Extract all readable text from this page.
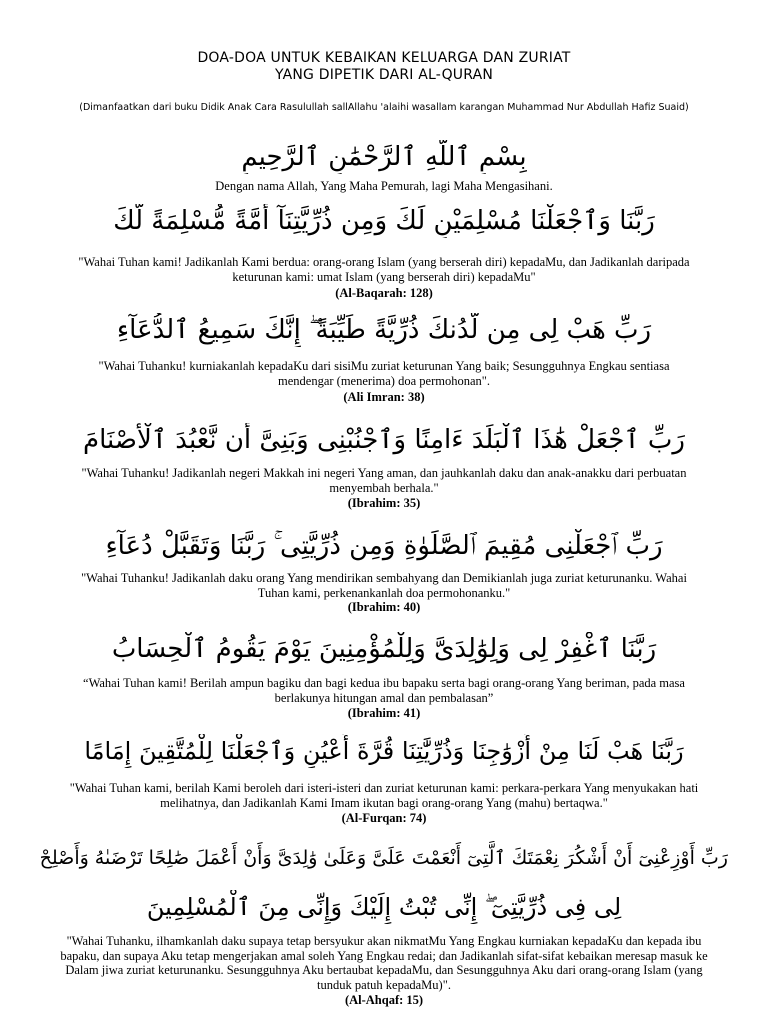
DOA-DOA UNTUK KEBAIKAN KELUARGA DAN ZURIAT
YANG DIPETIK DARI AL-QURAN
(Dimanfaatkan dari buku Didik Anak Cara Rasulullah sallAllahu 'alaihi wasallam karangan Muhammad Nur Abdullah Hafiz Suaid)
بِسْمِ ٱللَّهِ ٱلرَّحْمَٰنِ ٱلرَّحِيمِ
Dengan nama Allah, Yang Maha Pemurah, lagi Maha Mengasihani.
رَبَّنَا وَٱجْعَلْنَا مُسْلِمَيْنِ لَكَ وَمِن ذُرِّيَّتِنَآ أُمَّةً مُّسْلِمَةً لَّكَ
"Wahai Tuhan kami! Jadikanlah Kami berdua: orang-orang Islam (yang berserah diri) kepadaMu, dan Jadikanlah daripada keturunan kami: umat Islam (yang berserah diri) kepadaMu"
(Al-Baqarah: 128)
رَبِّ هَبْ لِى مِن لَّدُنكَ ذُرِّيَّةً طَيِّبَةً ۖ إِنَّكَ سَمِيعُ ٱلدُّعَآءِ
"Wahai Tuhanku! kurniakanlah kepadaKu dari sisiMu zuriat keturunan Yang baik; Sesungguhnya Engkau sentiasa mendengar (menerima) doa permohonan".
(Ali Imran: 38)
رَبِّ ٱجْعَلْ هَٰذَا ٱلْبَلَدَ ءَامِنًا وَٱجْنُبْنِى وَبَنِىَّ أَن نَّعْبُدَ ٱلْأَصْنَامَ
"Wahai Tuhanku! Jadikanlah negeri Makkah ini negeri Yang aman, dan jauhkanlah daku dan anak-anakku dari perbuatan menyembah berhala."
(Ibrahim: 35)
رَبِّ ٱجْعَلْنِى مُقِيمَ ٱلصَّلَوٰةِ وَمِن ذُرِّيَّتِى ۚ رَبَّنَا وَتَقَبَّلْ دُعَآءِ
"Wahai Tuhanku! Jadikanlah daku orang Yang mendirikan sembahyang dan Demikianlah juga zuriat keturunanku. Wahai Tuhan kami, perkenankanlah doa permohonanku."
(Ibrahim: 40)
رَبَّنَا ٱغْفِرْ لِى وَلِوَٰلِدَىَّ وَلِلْمُؤْمِنِينَ يَوْمَ يَقُومُ ٱلْحِسَابُ
“Wahai Tuhan kami! Berilah ampun bagiku dan bagi kedua ibu bapaku serta bagi orang-orang Yang beriman, pada masa berlakunya hitungan amal dan pembalasan”
(Ibrahim: 41)
رَبَّنَا هَبْ لَنَا مِنْ أَزْوَٰجِنَا وَذُرِّيَّٰتِنَا قُرَّةَ أَعْيُنٍ وَٱجْعَلْنَا لِلْمُتَّقِينَ إِمَامًا
"Wahai Tuhan kami, berilah Kami beroleh dari isteri-isteri dan zuriat keturunan kami: perkara-perkara Yang menyukakan hati melihatnya, dan Jadikanlah Kami Imam ikutan bagi orang-orang Yang (mahu) bertaqwa."
(Al-Furqan: 74)
رَبِّ أَوْزِعْنِىٓ أَنْ أَشْكُرَ نِعْمَتَكَ ٱلَّتِىٓ أَنْعَمْتَ عَلَىَّ وَعَلَىٰ وَٰلِدَىَّ وَأَنْ أَعْمَلَ صَٰلِحًا تَرْضَىٰهُ وَأَصْلِحْ
لِى فِى ذُرِّيَّتِىٓ ۖ إِنِّى تُبْتُ إِلَيْكَ وَإِنِّى مِنَ ٱلْمُسْلِمِينَ
"Wahai Tuhanku, ilhamkanlah daku supaya tetap bersyukur akan nikmatMu Yang Engkau kurniakan kepadaKu dan kepada ibu bapaku, dan supaya Aku tetap mengerjakan amal soleh Yang Engkau redai; dan Jadikanlah sifat-sifat kebaikan meresap masuk ke Dalam jiwa zuriat keturunanku. Sesungguhnya Aku bertaubat kepadaMu, dan Sesungguhnya Aku dari orang-orang Islam (yang tunduk patuh kepadaMu)".
(Al-Ahqaf: 15)
